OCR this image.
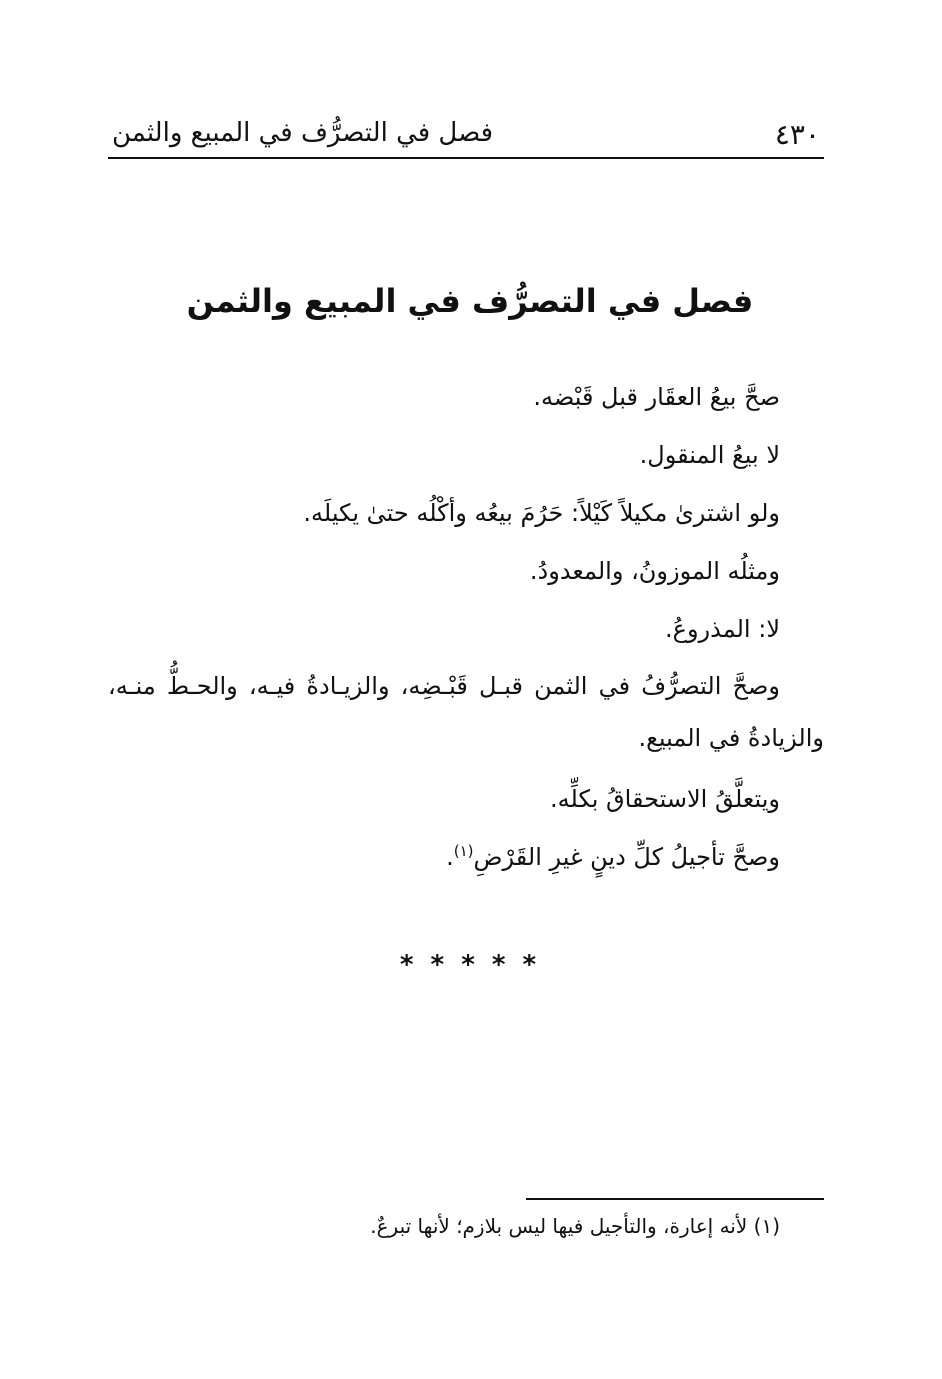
٤٣٠
فصل في التصرُّف في المبيع والثمن
فصل في التصرُّف في المبيع والثمن

صحَّ بيعُ العقَار قبل قَبْضه.

لا بيعُ المنقول.

ولو اشترىٰ مكيلاً كَيْلاً: حَرُمَ بيعُه وأكْلُه حتىٰ يكيلَه.

ومثلُه الموزونُ، والمعدودُ.

لا: المذروعُ.

وصحَّ التصرُّفُ في الثمن قبـل قَبْـضِه، والزيـادةُ فيـه، والحـطُّ منـه، والزيادةُ في المبيع.

ويتعلَّقُ الاستحقاقُ بكلِّه.

وصحَّ تأجيلُ كلِّ دينٍ غيرِ القَرْضِ$^{(١)}$.

* * * * *
(١) لأنه إعارة، والتأجيل فيها ليس بلازم؛ لأنها تبرعٌ.
